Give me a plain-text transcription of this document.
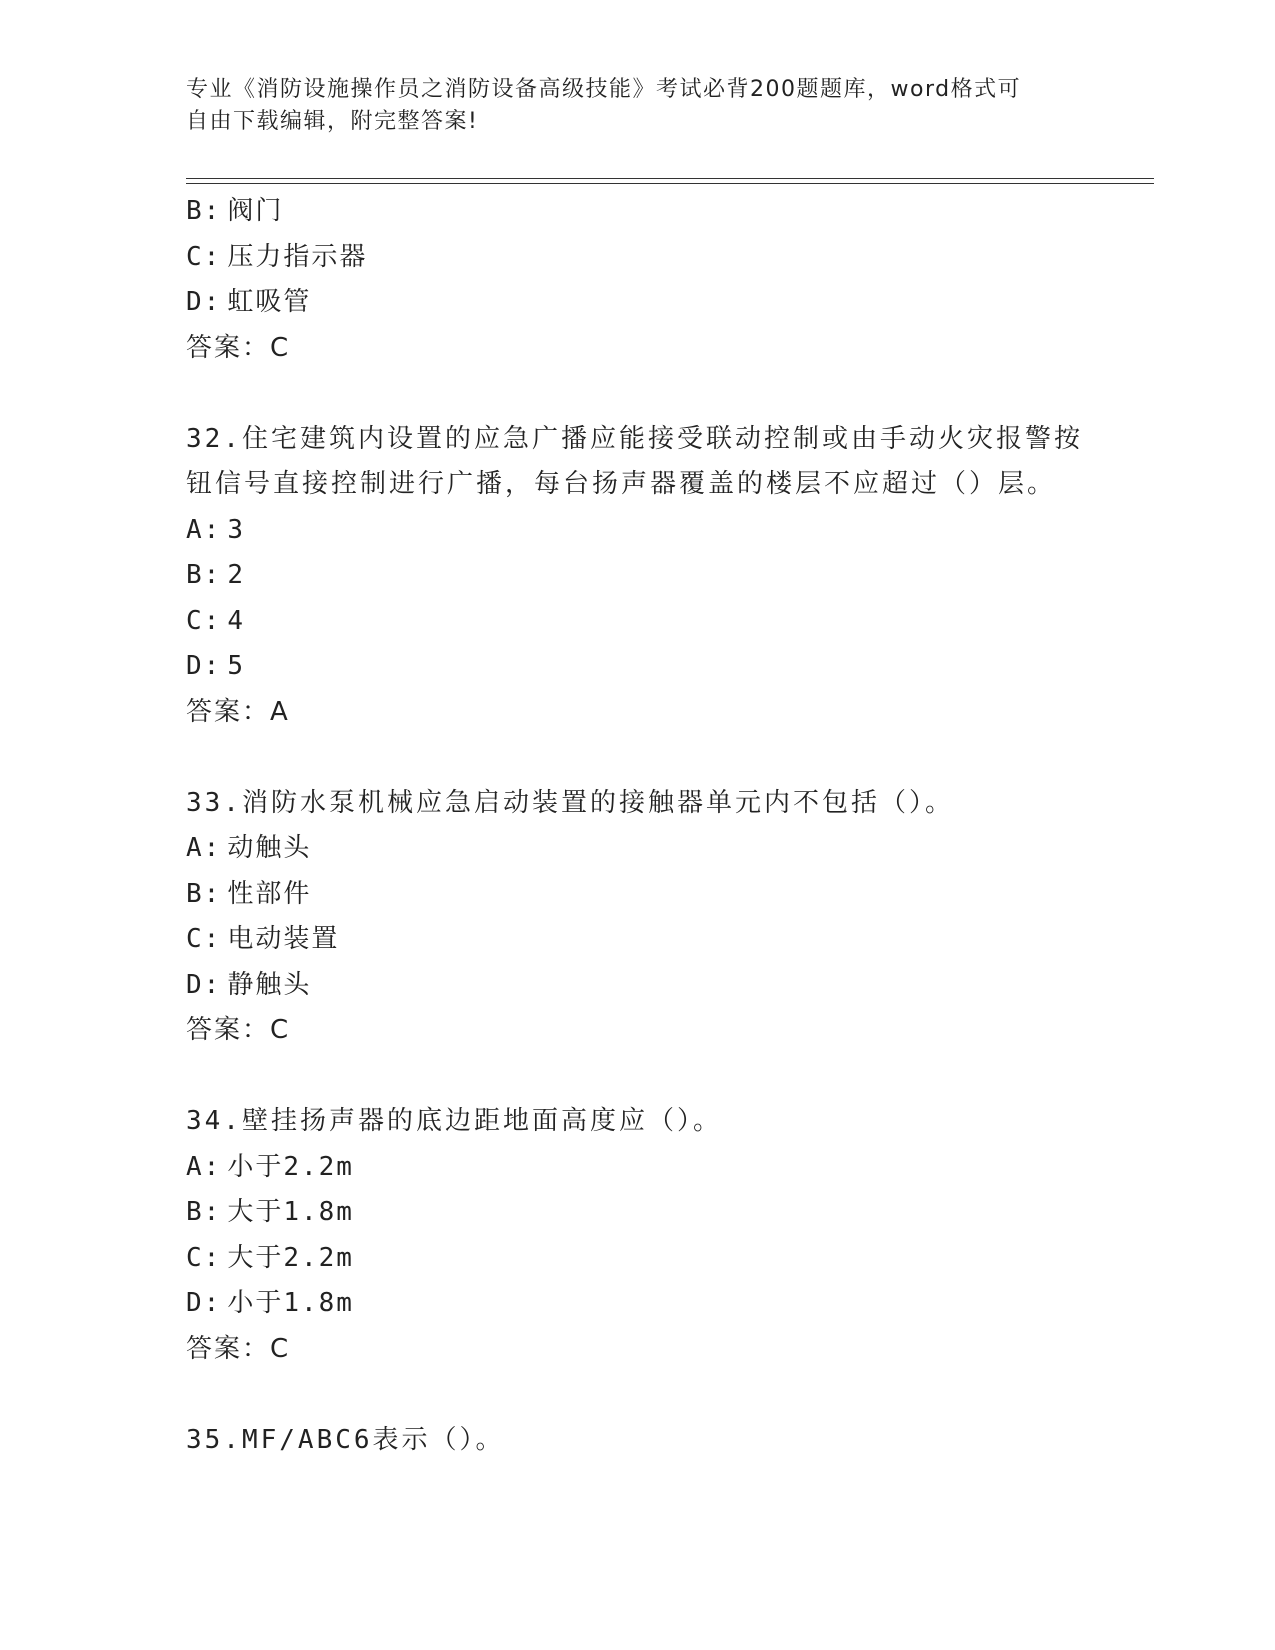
专业《消防设施操作员之消防设备高级技能》考试必背200题题库，word格式可
自由下载编辑，附完整答案!
B: 阀门
C: 压力指示器
D: 虹吸管
答案：C
32.住宅建筑内设置的应急广播应能接受联动控制或由手动火灾报警按
钮信号直接控制进行广播，每台扬声器覆盖的楼层不应超过（）层。
A: 3
B: 2
C: 4
D: 5
答案：A
33.消防水泵机械应急启动装置的接触器单元内不包括（）。
A: 动触头
B: 性部件
C: 电动装置
D: 静触头
答案：C
34.壁挂扬声器的底边距地面高度应（）。
A: 小于2.2m
B: 大于1.8m
C: 大于2.2m
D: 小于1.8m
答案：C
35.MF/ABC6表示（）。
